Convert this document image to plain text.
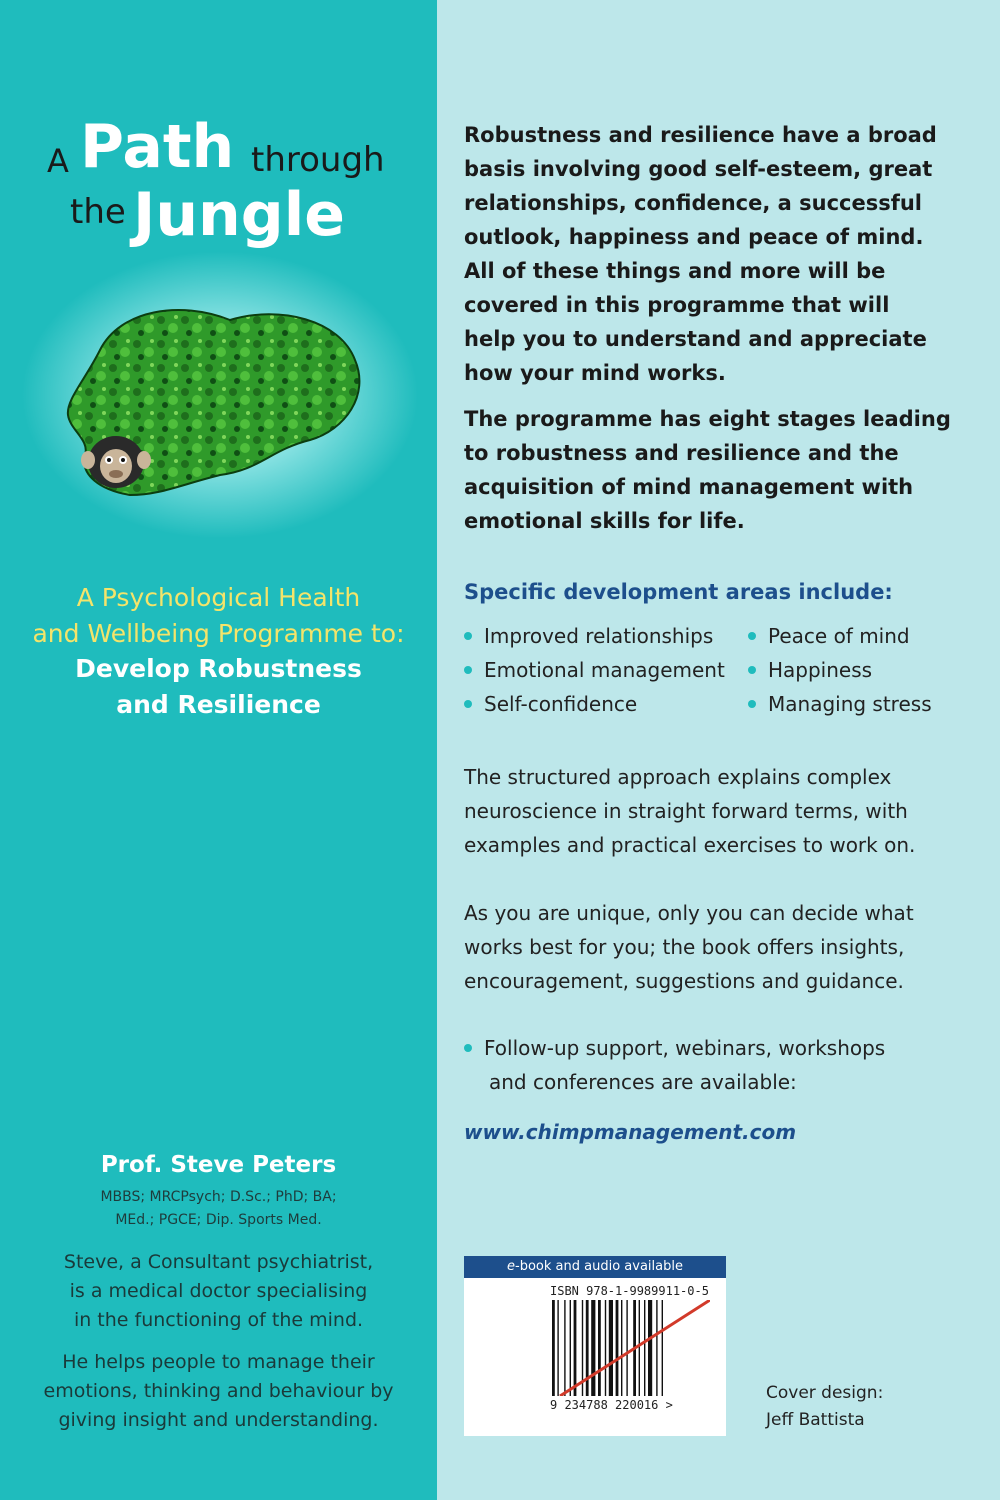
A Path through
the Jungle
A Psychological Health
and Wellbeing Programme to:
Develop Robustness
and Resilience
Prof. Steve Peters
MBBS; MRCPsych; D.Sc.; PhD; BA;
MEd.; PGCE; Dip. Sports Med.
Steve, a Consultant psychiatrist,
is a medical doctor specialising
in the functioning of the mind.
He helps people to manage their
emotions, thinking and behaviour by
giving insight and understanding.
Robustness and resilience have a broad
basis involving good self-esteem, great
relationships, confidence, a successful
outlook, happiness and peace of mind.
All of these things and more will be
covered in this programme that will
help you to understand and appreciate
how your mind works.
The programme has eight stages leading
to robustness and resilience and the
acquisition of mind management with
emotional skills for life.
Specific development areas include:
Improved relationships
Emotional management
Self-confidence
Peace of mind
Happiness
Managing stress
The structured approach explains complex
neuroscience in straight forward terms, with
examples and practical exercises to work on.
As you are unique, only you can decide what
works best for you; the book offers insights,
encouragement, suggestions and guidance.
Follow-up support, webinars, workshops
and conferences are available:
www.chimpmanagement.com
e-book and audio available
ISBN 978-1-9989911-0-5
9 234788 220016 >
Cover design:
Jeff Battista
